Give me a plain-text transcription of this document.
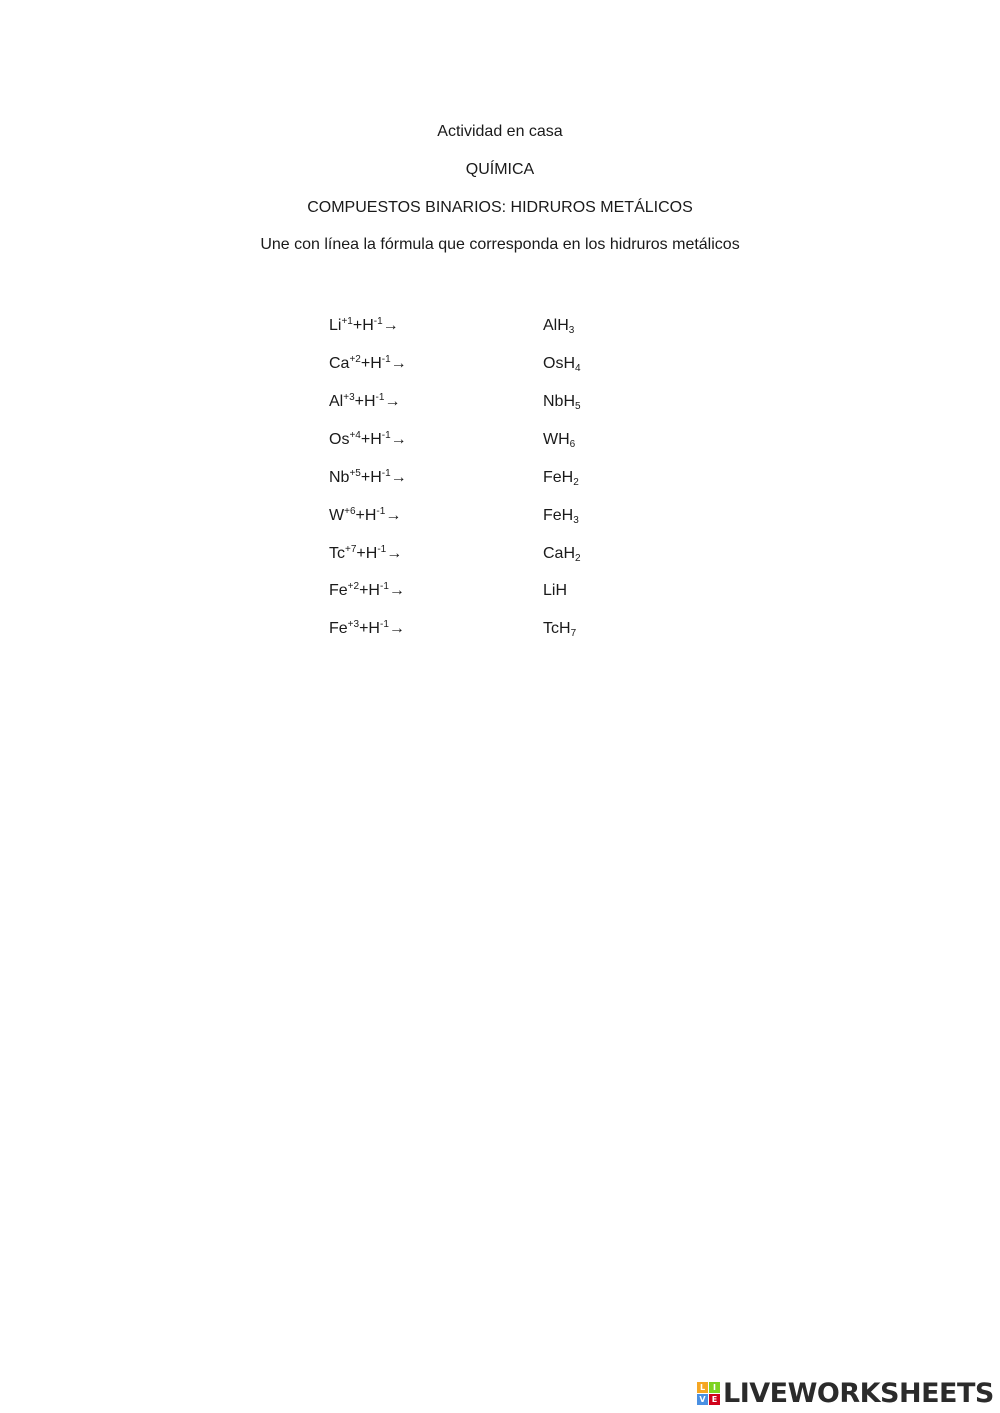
Actividad en casa
QUÍMICA
COMPUESTOS BINARIOS: HIDRUROS METÁLICOS
Une con línea la fórmula que corresponda en los hidruros metálicos
$Li^{+1}+H^{-1}\to$	AlH$_3$
$Ca^{+2}+H^{-1}\to$	OsH$_4$
$Al^{+3}+H^{-1}\to$	NbH$_5$
$Os^{+4}+H^{-1}\to$	$WH_6$
$Nb^{+5}+H^{-1}\to$	FeH$_2$
$W^{+6}+H^{-1}\to$	FeH$_3$
$Tc^{+7}+H^{-1}\to$	CaH$_2$
$Fe^{+2}+H^{-1}\to$	LiH
$Fe^{+3}+H^{-1}\to$	TcH$_7$
L I
V E LIVEWORKSHEETS
